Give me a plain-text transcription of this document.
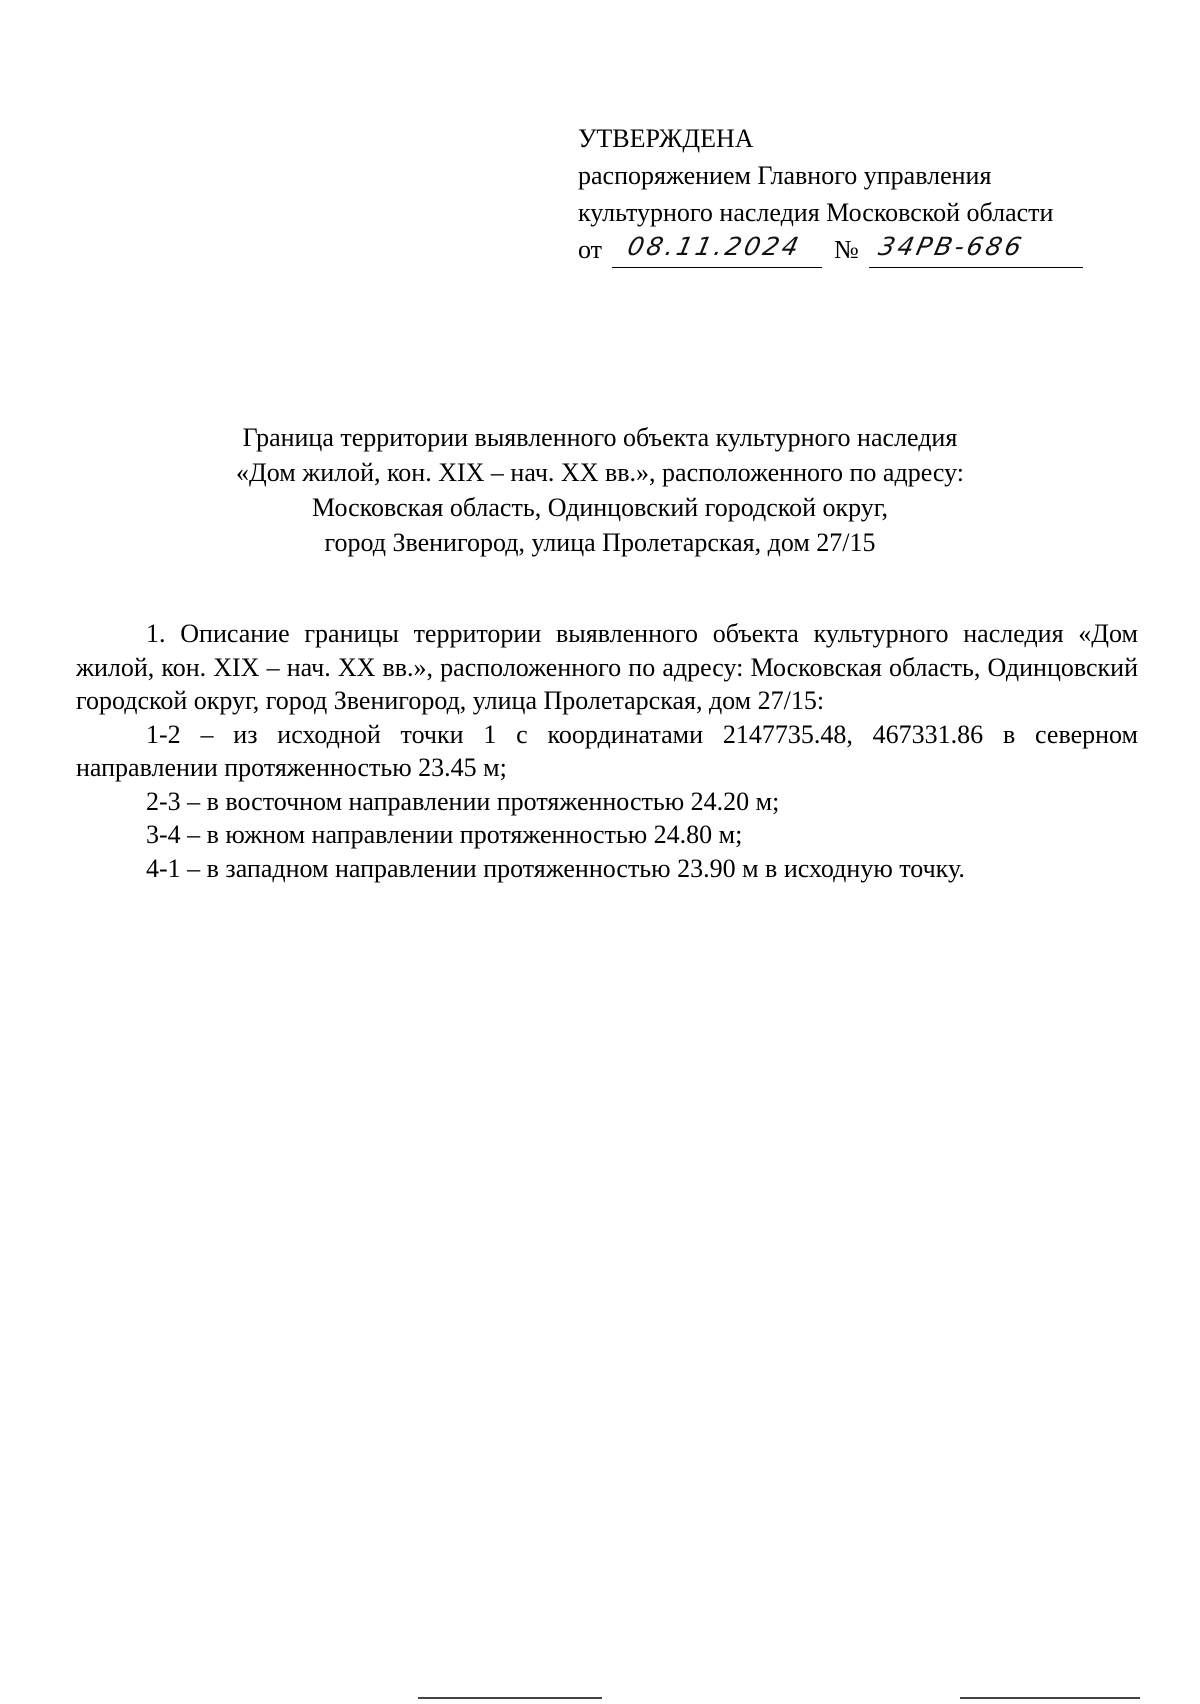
УТВЕРЖДЕНА
распоряжением Главного управления
культурного наследия Московской области
от 08.11.2024 № 34РВ-686
Граница территории выявленного объекта культурного наследия
«Дом жилой, кон. XIX – нач. XX вв.», расположенного по адресу:
Московская область, Одинцовский городской округ,
город Звенигород, улица Пролетарская, дом 27/15

1. Описание границы территории выявленного объекта культурного наследия «Дом жилой, кон. XIX – нач. XX вв.», расположенного по адресу: Московская область, Одинцовский городской округ, город Звенигород, улица Пролетарская, дом 27/15:

1-2 – из исходной точки 1 с координатами 2147735.48, 467331.86 в северном направлении протяженностью 23.45 м;

2-3 – в восточном направлении протяженностью 24.20 м;

3-4 – в южном направлении протяженностью 24.80 м;

4-1 – в западном направлении протяженностью 23.90 м в исходную точку.
